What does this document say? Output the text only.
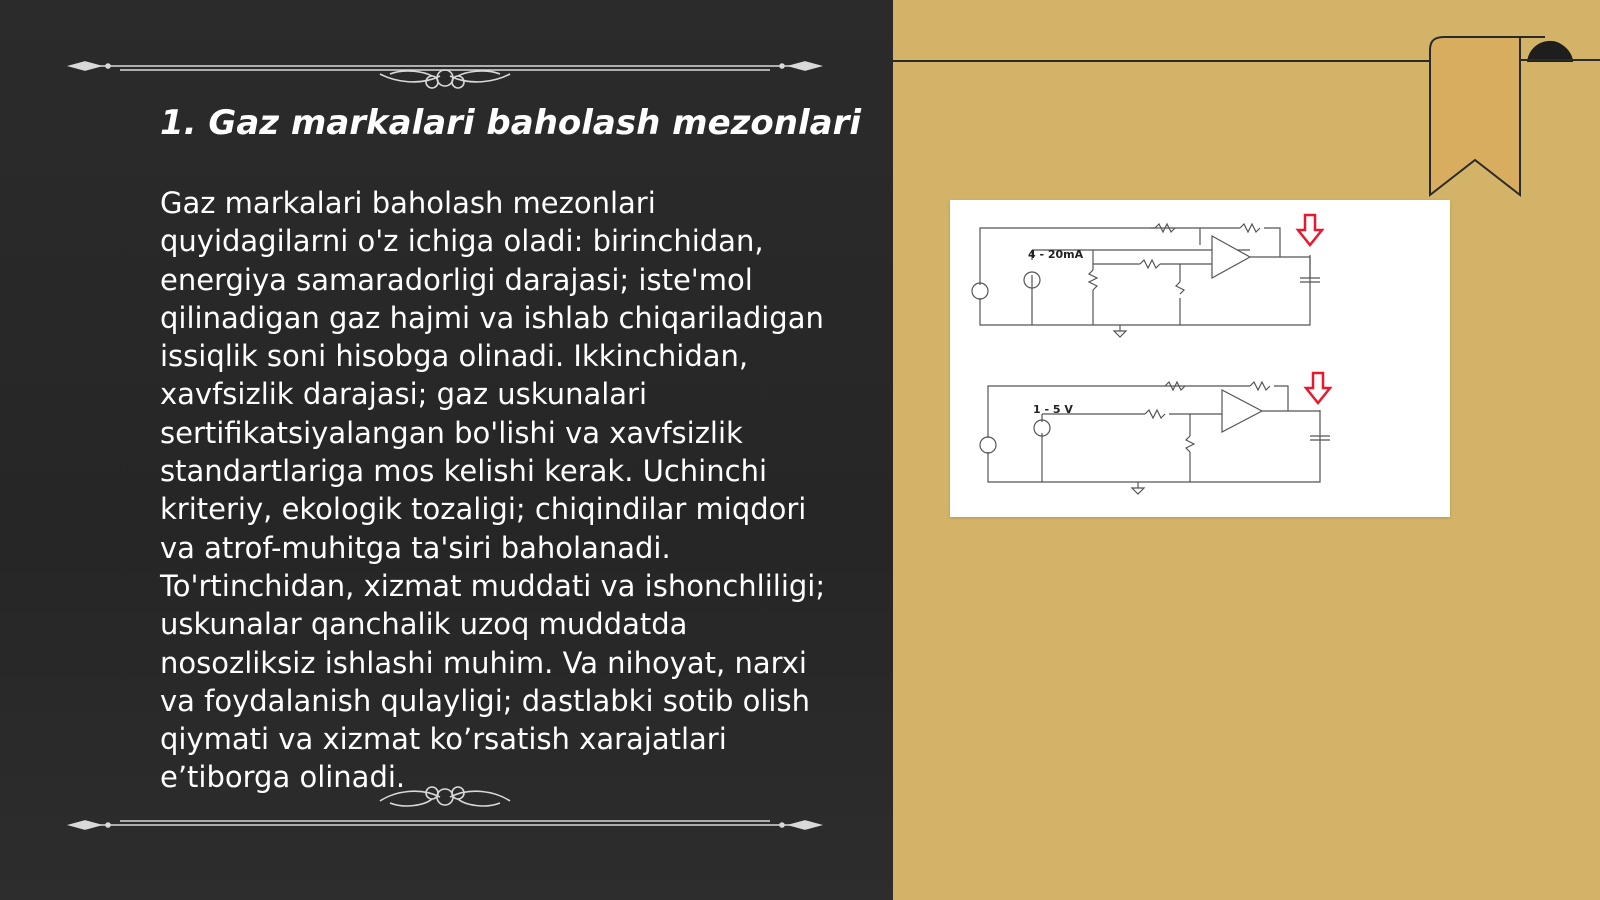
1. Gaz markalari baholash mezonlari

Gaz markalari baholash mezonlari quyidagilarni o'z ichiga oladi: birinchidan, energiya samaradorligi darajasi; iste'mol qilinadigan gaz hajmi va ishlab chiqariladigan issiqlik soni hisobga olinadi. Ikkinchidan, xavfsizlik darajasi; gaz uskunalari sertifikatsiyalangan bo'lishi va xavfsizlik standartlariga mos kelishi kerak. Uchinchi kriteriy, ekologik tozaligi; chiqindilar miqdori va atrof-muhitga ta'siri baholanadi. To'rtinchidan, xizmat muddati va ishonchliligi; uskunalar qanchalik uzoq muddatda nosozliksiz ishlashi muhim. Va nihoyat, narxi va foydalanish qulayligi; dastlabki sotib olish qiymati va xizmat ko’rsatish xarajatlari e’tiborga olinadi.

4 - 20mA
1 - 5 V
